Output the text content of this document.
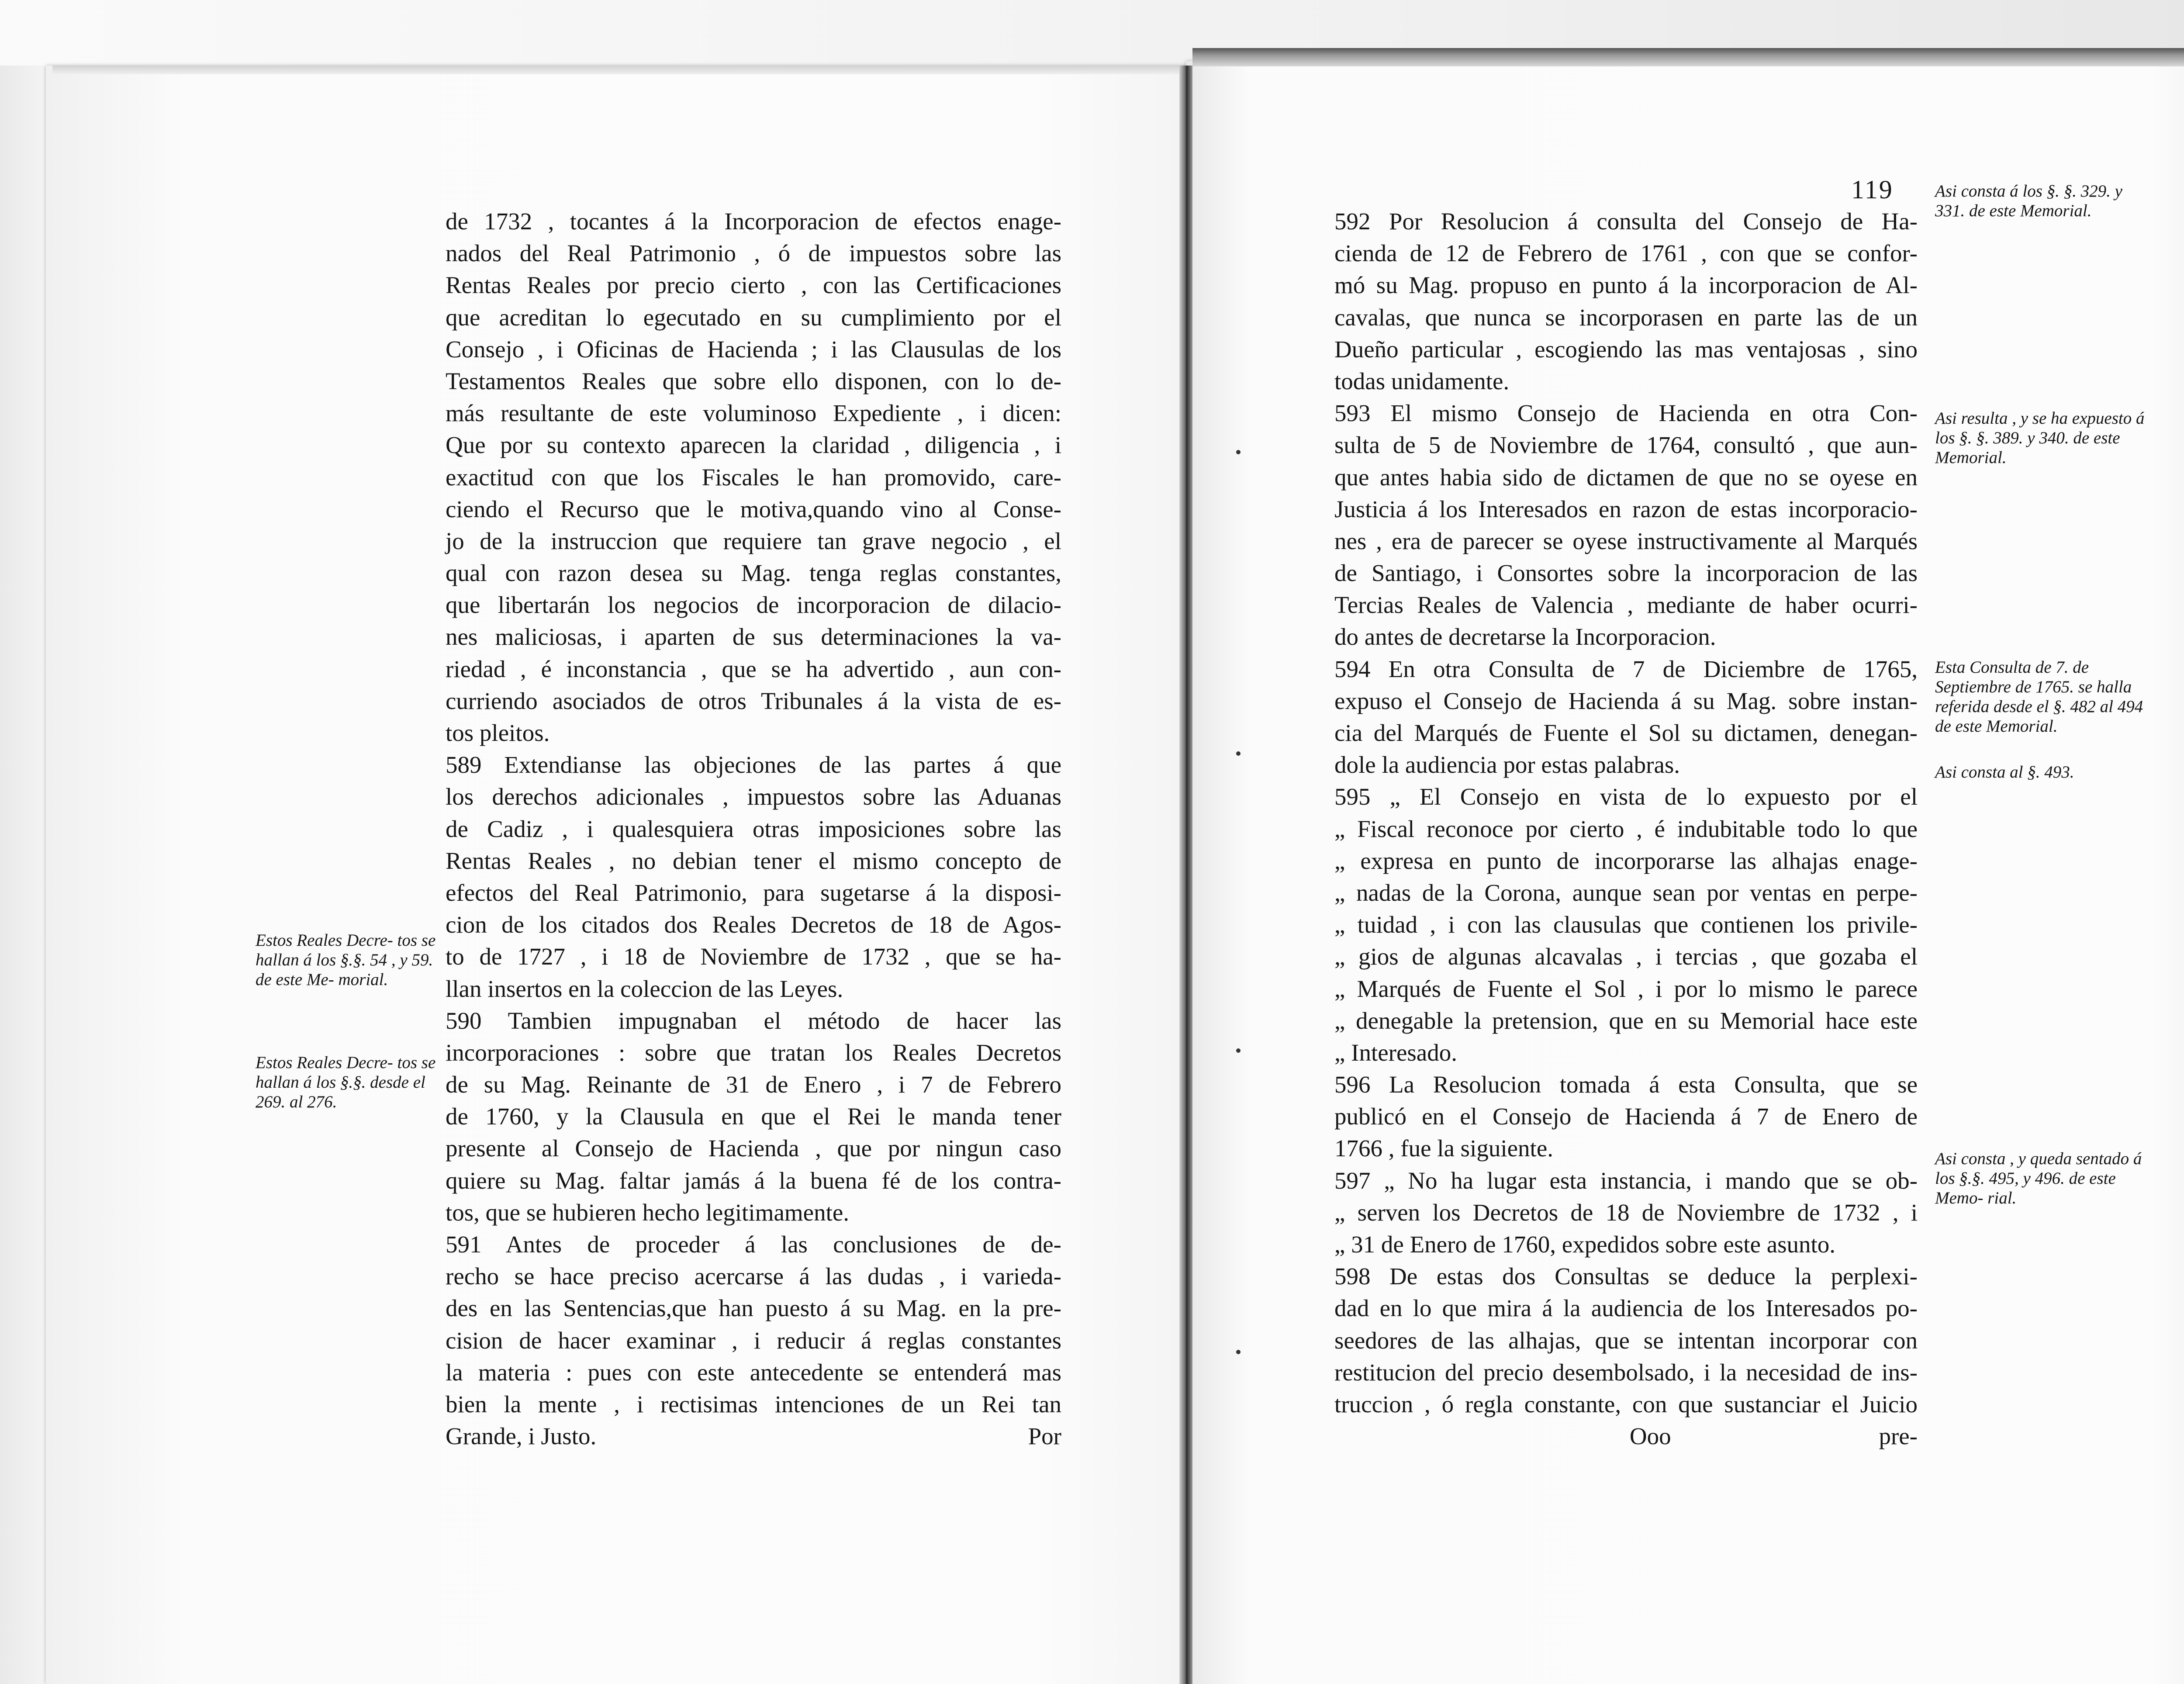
de 1732 , tocantes á la Incorporacion de efectos enage-
nados del Real Patrimonio , ó de impuestos sobre las
Rentas Reales por precio cierto , con las Certificaciones
que acreditan lo egecutado en su cumplimiento por el
Consejo , i Oficinas de Hacienda ; i las Clausulas de los
Testamentos Reales que sobre ello disponen, con lo de-
más resultante de este voluminoso Expediente , i dicen:
Que por su contexto aparecen la claridad , diligencia , i
exactitud con que los Fiscales le han promovido, care-
ciendo el Recurso que le motiva,quando vino al Conse-
jo de la instruccion que requiere tan grave negocio , el
qual con razon desea su Mag. tenga reglas constantes,
que libertarán los negocios de incorporacion de dilacio-
nes maliciosas, i aparten de sus determinaciones la va-
riedad , é inconstancia , que se ha advertido , aun con-
curriendo asociados de otros Tribunales á la vista de es-
tos pleitos.
589 Extendianse las objeciones de las partes á que
los derechos adicionales , impuestos sobre las Aduanas
de Cadiz , i qualesquiera otras imposiciones sobre las
Rentas Reales , no debian tener el mismo concepto de
efectos del Real Patrimonio, para sugetarse á la disposi-
cion de los citados dos Reales Decretos de 18 de Agos-
to de 1727 , i 18 de Noviembre de 1732 , que se ha-
llan insertos en la coleccion de las Leyes.
590 Tambien impugnaban el método de hacer las
incorporaciones : sobre que tratan los Reales Decretos
de su Mag. Reinante de 31 de Enero , i 7 de Febrero
de 1760, y la Clausula en que el Rei le manda tener
presente al Consejo de Hacienda , que por ningun caso
quiere su Mag. faltar jamás á la buena fé de los contra-
tos, que se hubieren hecho legitimamente.
591 Antes de proceder á las conclusiones de de-
recho se hace preciso acercarse á las dudas , i varieda-
des en las Sentencias,que han puesto á su Mag. en la pre-
cision de hacer examinar , i reducir á reglas constantes
la materia : pues con este antecedente se entenderá mas
bien la mente , i rectisimas intenciones de un Rei tan
Grande, i Justo.	Por
Estos Reales Decre- tos se hallan á los §.§. 54 , y 59. de este Me- morial.
Estos Reales Decre- tos se hallan á los §.§. desde el 269. al 276.
119
592 Por Resolucion á consulta del Consejo de Ha-
cienda de 12 de Febrero de 1761 , con que se confor-
mó su Mag. propuso en punto á la incorporacion de Al-
cavalas, que nunca se incorporasen en parte las de un
Dueño particular , escogiendo las mas ventajosas , sino
todas unidamente.
593 El mismo Consejo de Hacienda en otra Con-
sulta de 5 de Noviembre de 1764, consultó , que aun-
que antes habia sido de dictamen de que no se oyese en
Justicia á los Interesados en razon de estas incorporacio-
nes , era de parecer se oyese instructivamente al Marqués
de Santiago, i Consortes sobre la incorporacion de las
Tercias Reales de Valencia , mediante de haber ocurri-
do antes de decretarse la Incorporacion.
594 En otra Consulta de 7 de Diciembre de 1765,
expuso el Consejo de Hacienda á su Mag. sobre instan-
cia del Marqués de Fuente el Sol su dictamen, denegan-
dole la audiencia por estas palabras.
595 „ El Consejo en vista de lo expuesto por el
„ Fiscal reconoce por cierto , é indubitable todo lo que
„ expresa en punto de incorporarse las alhajas enage-
„ nadas de la Corona, aunque sean por ventas en perpe-
„ tuidad , i con las clausulas que contienen los privile-
„ gios de algunas alcavalas , i tercias , que gozaba el
„ Marqués de Fuente el Sol , i por lo mismo le parece
„ denegable la pretension, que en su Memorial hace este
„ Interesado.
596 La Resolucion tomada á esta Consulta, que se
publicó en el Consejo de Hacienda á 7 de Enero de
1766 , fue la siguiente.
597 „ No ha lugar esta instancia, i mando que se ob-
„ serven los Decretos de 18 de Noviembre de 1732 , i
„ 31 de Enero de 1760, expedidos sobre este asunto.
598 De estas dos Consultas se deduce la perplexi-
dad en lo que mira á la audiencia de los Interesados po-
seedores de las alhajas, que se intentan incorporar con
restitucion del precio desembolsado, i la necesidad de ins-
truccion , ó regla constante, con que sustanciar el Juicio
Ooo	pre-
Asi consta á los §. §. 329. y 331. de este Memorial.
Asi resulta , y se ha expuesto á los §. §. 389. y 340. de este Memorial.
Esta Consulta de 7. de Septiembre de 1765. se halla referida desde el §. 482 al 494 de este Memorial.
Asi consta al §. 493.
Asi consta , y queda sentado á los §.§. 495, y 496. de este Memo- rial.
